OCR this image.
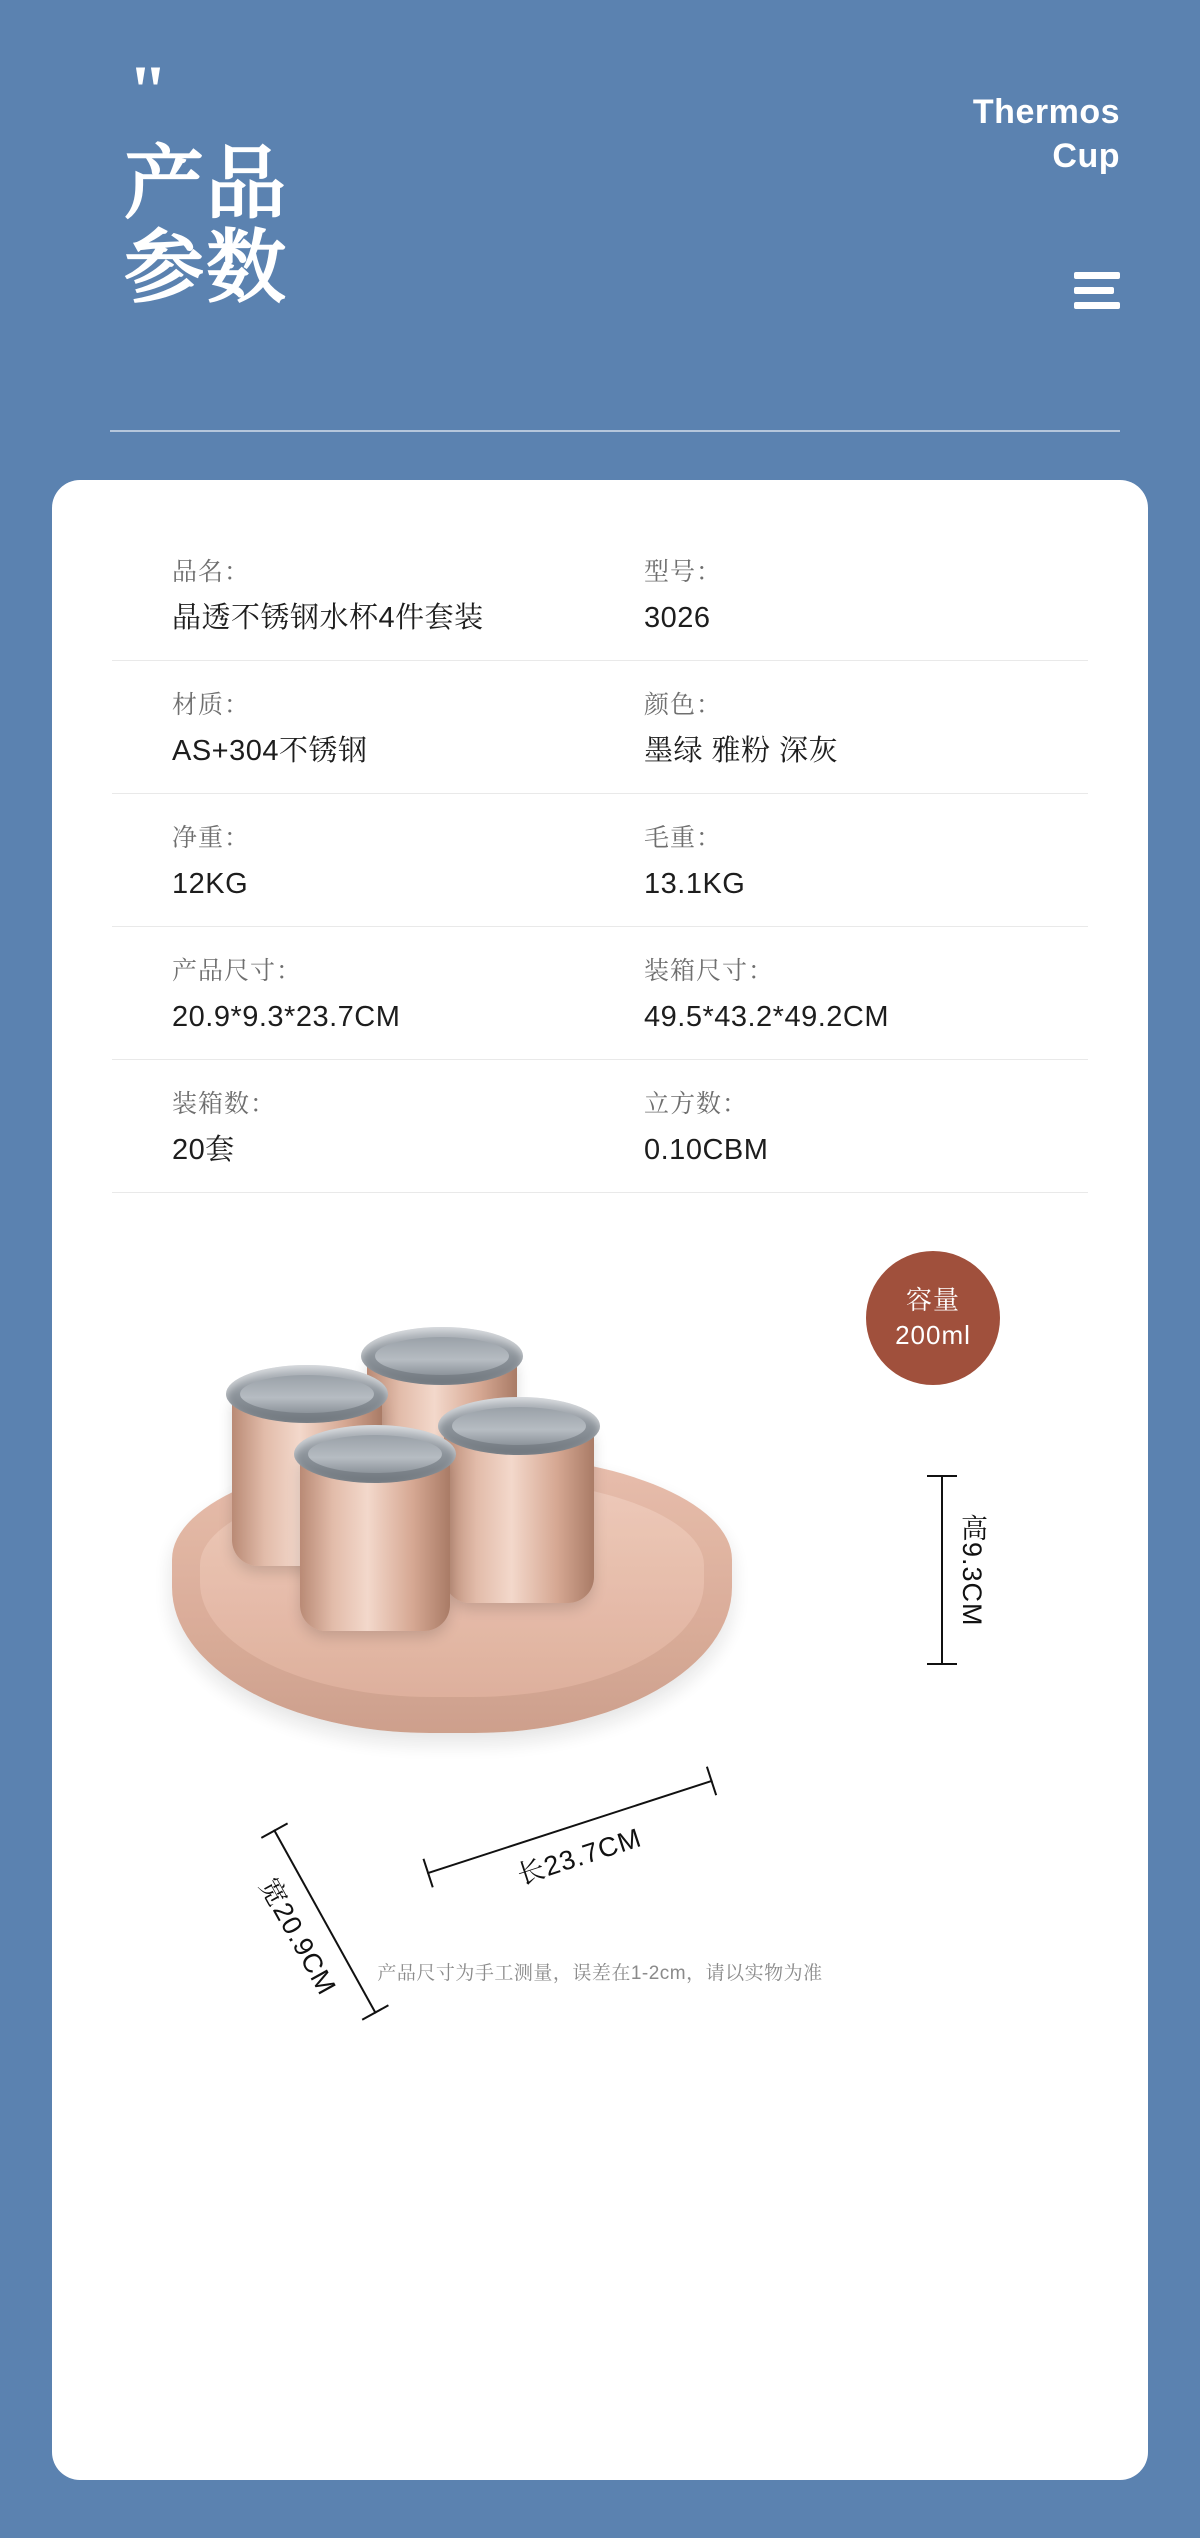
"
产品
参数
Thermos
Cup
品名：
晶透不锈钢水杯4件套装
型号：
3026
材质：
AS+304不锈钢
颜色：
墨绿 雅粉 深灰
净重：
12KG
毛重：
13.1KG
产品尺寸：
20.9*9.3*23.7CM
装箱尺寸：
49.5*43.2*49.2CM
装箱数：
20套
立方数：
0.10CBM
容量
200ml
高9.3CM
长23.7CM
宽20.9CM	产品尺寸为手工测量，误差在1-2cm，请以实物为准
